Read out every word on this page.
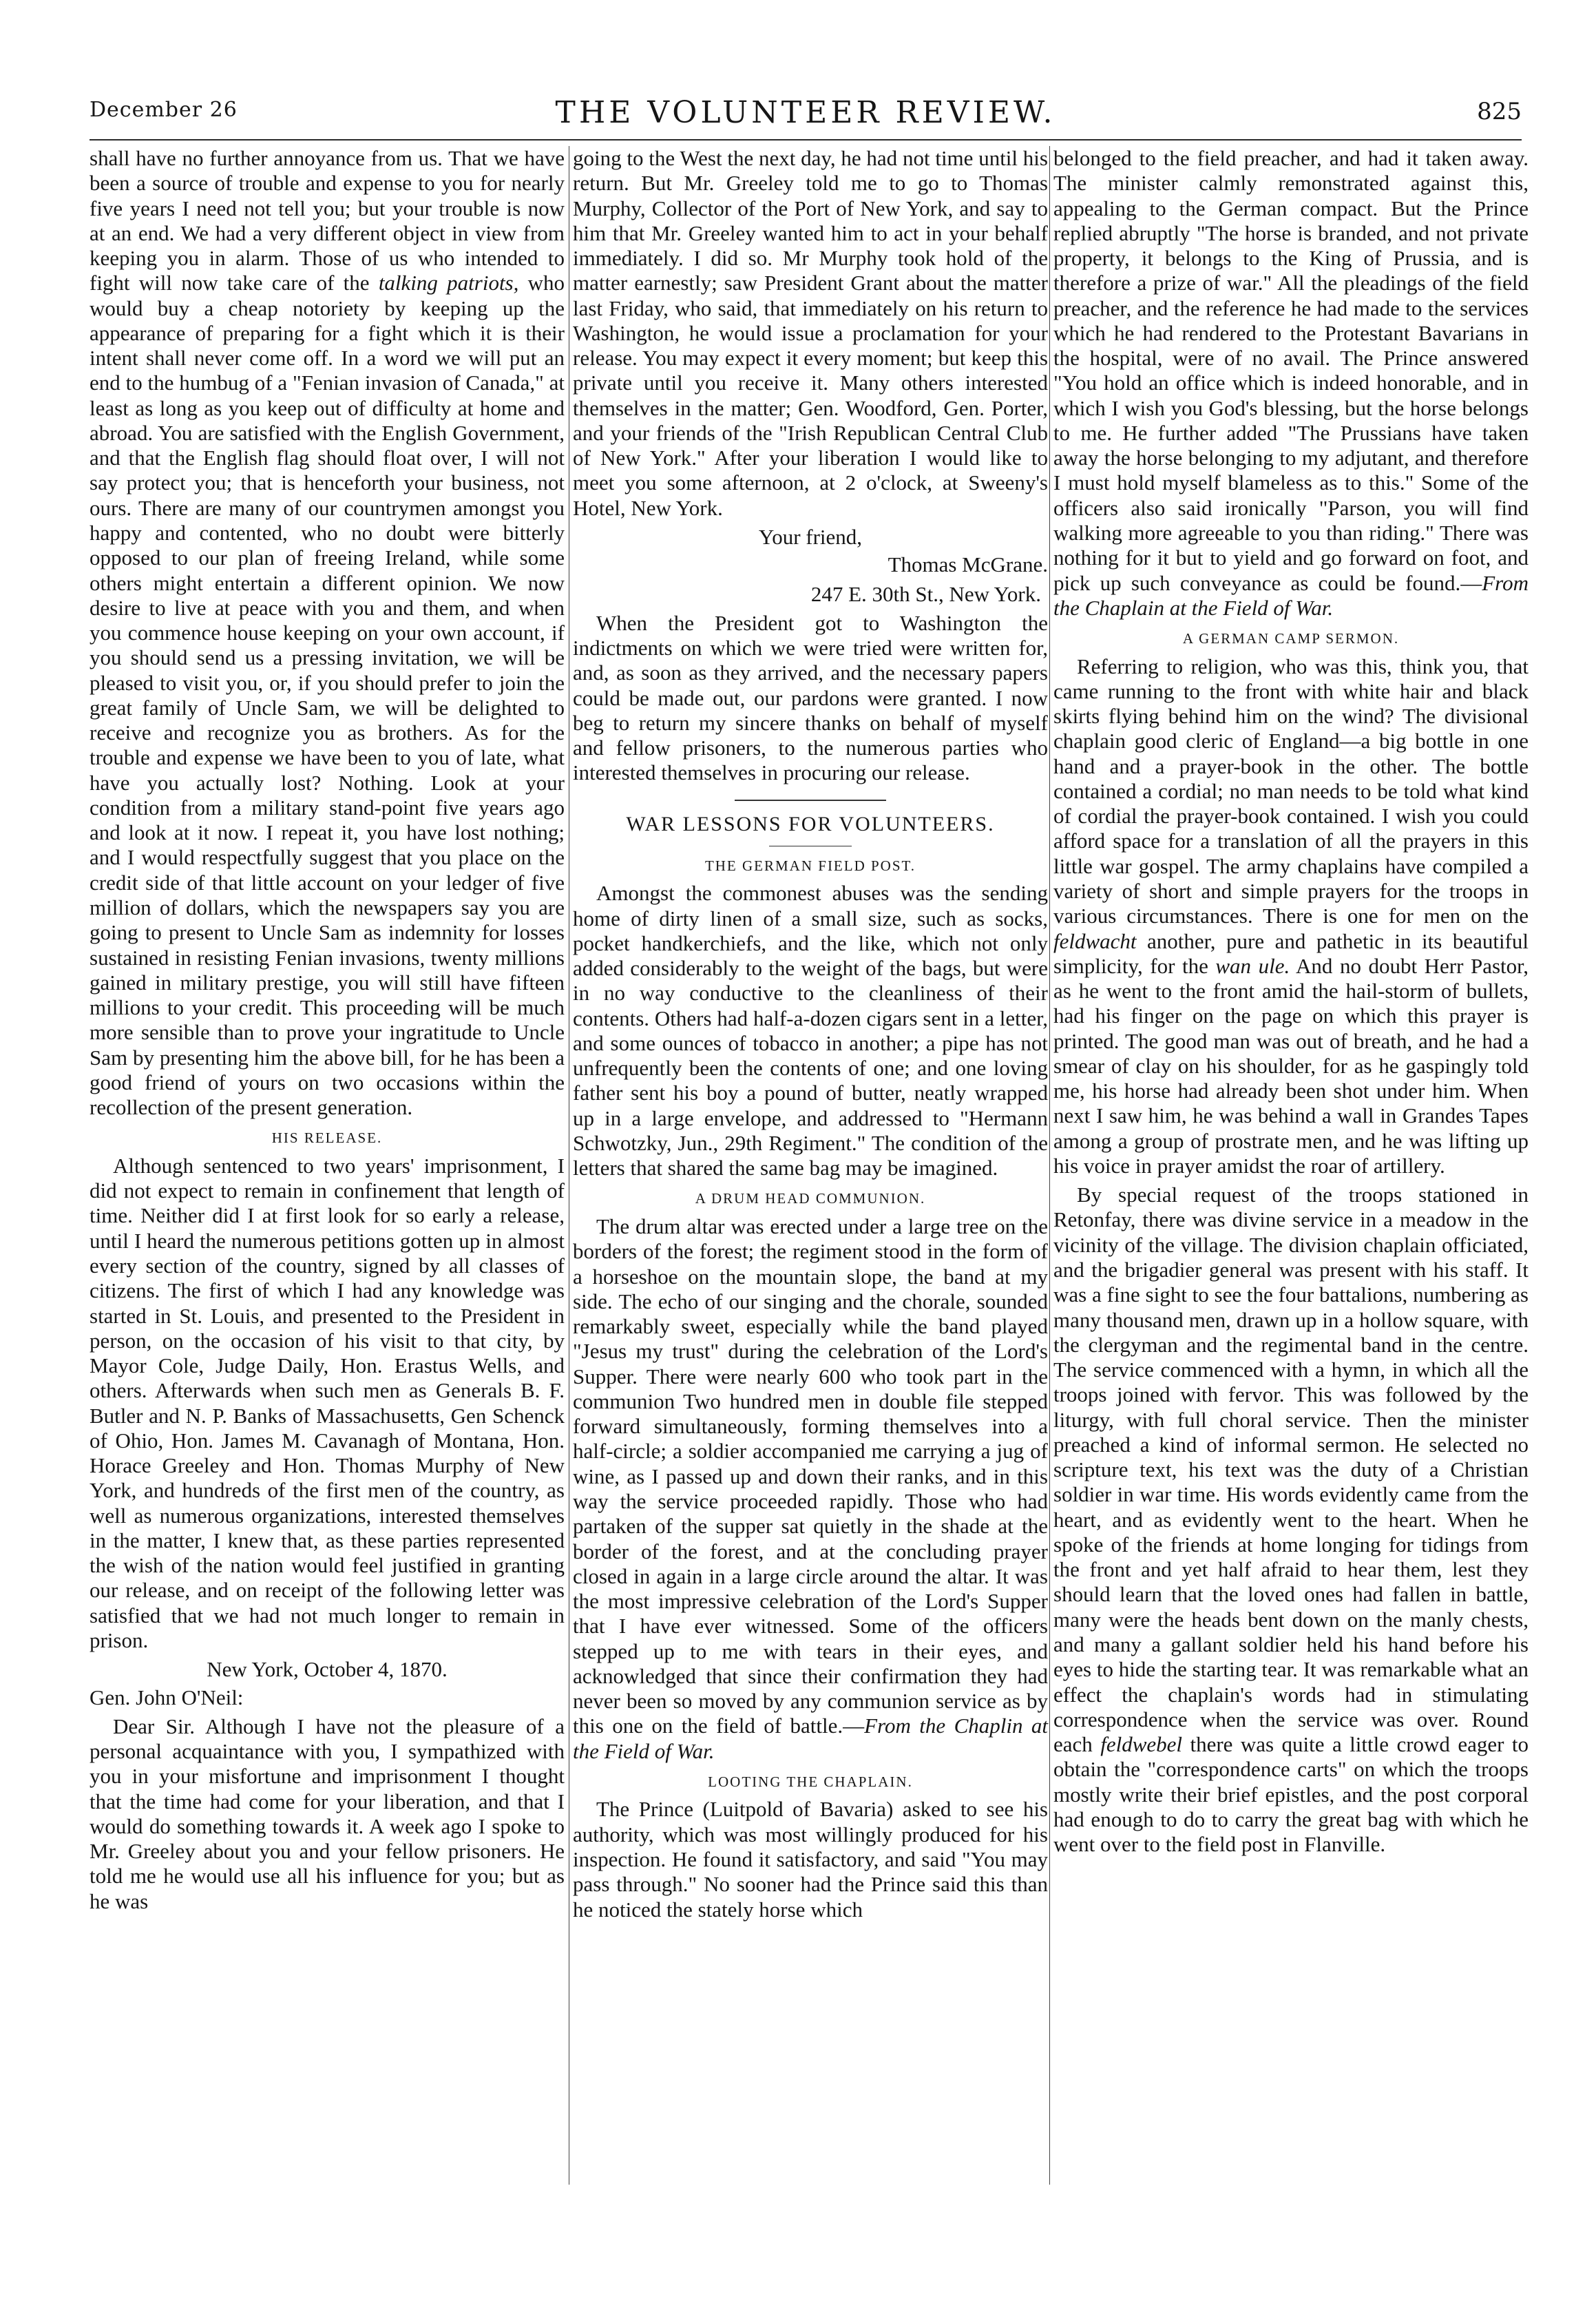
December 26	THE VOLUNTEER REVIEW.	825

shall have no further annoyance from us. That we have been a source of trouble and expense to you for nearly five years I need not tell you; but your trouble is now at an end. We had a very different object in view from keeping you in alarm. Those of us who intended to fight will now take care of the talking patriots, who would buy a cheap notoriety by keeping up the appearance of preparing for a fight which it is their intent shall never come off. In a word we will put an end to the humbug of a "Fenian invasion of Canada," at least as long as you keep out of difficulty at home and abroad. You are satisfied with the English Government, and that the English flag should float over, I will not say protect you; that is henceforth your business, not ours. There are many of our countrymen amongst you happy and contented, who no doubt were bitterly opposed to our plan of freeing Ireland, while some others might entertain a different opinion. We now desire to live at peace with you and them, and when you commence house keeping on your own account, if you should send us a pressing invitation, we will be pleased to visit you, or, if you should prefer to join the great family of Uncle Sam, we will be delighted to receive and recognize you as brothers. As for the trouble and expense we have been to you of late, what have you actually lost? Nothing. Look at your condition from a military stand-point five years ago and look at it now. I repeat it, you have lost nothing; and I would respectfully suggest that you place on the credit side of that little account on your ledger of five million of dollars, which the newspapers say you are going to present to Uncle Sam as indemnity for losses sustained in resisting Fenian invasions, twenty millions gained in military prestige, you will still have fifteen millions to your credit. This proceeding will be much more sensible than to prove your ingratitude to Uncle Sam by presenting him the above bill, for he has been a good friend of yours on two occasions within the recollection of the present generation.

HIS RELEASE.

Although sentenced to two years' imprisonment, I did not expect to remain in confinement that length of time. Neither did I at first look for so early a release, until I heard the numerous petitions gotten up in almost every section of the country, signed by all classes of citizens. The first of which I had any knowledge was started in St. Louis, and presented to the President in person, on the occasion of his visit to that city, by Mayor Cole, Judge Daily, Hon. Erastus Wells, and others. Afterwards when such men as Generals B. F. Butler and N. P. Banks of Massachusetts, Gen Schenck of Ohio, Hon. James M. Cavanagh of Montana, Hon. Horace Greeley and Hon. Thomas Murphy of New York, and hundreds of the first men of the country, as well as numerous organizations, interested themselves in the matter, I knew that, as these parties represented the wish of the nation would feel justified in granting our release, and on receipt of the following letter was satisfied that we had not much longer to remain in prison.

New York, October 4, 1870.

Gen. John O'Neil:

Dear Sir. Although I have not the pleasure of a personal acquaintance with you, I sympathized with you in your misfortune and imprisonment I thought that the time had come for your liberation, and that I would do something towards it. A week ago I spoke to Mr. Greeley about you and your fellow prisoners. He told me he would use all his influence for you; but as he was

going to the West the next day, he had not time until his return. But Mr. Greeley told me to go to Thomas Murphy, Collector of the Port of New York, and say to him that Mr. Greeley wanted him to act in your behalf immediately. I did so. Mr Murphy took hold of the matter earnestly; saw President Grant about the matter last Friday, who said, that immediately on his return to Washington, he would issue a proclamation for your release. You may expect it every moment; but keep this private until you receive it. Many others interested themselves in the matter; Gen. Woodford, Gen. Porter, and your friends of the "Irish Republican Central Club of New York." After your liberation I would like to meet you some afternoon, at 2 o'clock, at Sweeny's Hotel, New York.

Your friend,

Thomas McGrane.

247 E. 30th St., New York.

When the President got to Washington the indictments on which we were tried were written for, and, as soon as they arrived, and the necessary papers could be made out, our pardons were granted. I now beg to return my sincere thanks on behalf of myself and fellow prisoners, to the numerous parties who interested themselves in procuring our release.

WAR LESSONS FOR VOLUNTEERS.
THE GERMAN FIELD POST.

Amongst the commonest abuses was the sending home of dirty linen of a small size, such as socks, pocket handkerchiefs, and the like, which not only added considerably to the weight of the bags, but were in no way conductive to the cleanliness of their contents. Others had half-a-dozen cigars sent in a letter, and some ounces of tobacco in another; a pipe has not unfrequently been the contents of one; and one loving father sent his boy a pound of butter, neatly wrapped up in a large envelope, and addressed to "Hermann Schwotzky, Jun., 29th Regiment." The condition of the letters that shared the same bag may be imagined.

A DRUM HEAD COMMUNION.

The drum altar was erected under a large tree on the borders of the forest; the regiment stood in the form of a horseshoe on the mountain slope, the band at my side. The echo of our singing and the chorale, sounded remarkably sweet, especially while the band played "Jesus my trust" during the celebration of the Lord's Supper. There were nearly 600 who took part in the communion Two hundred men in double file stepped forward simultaneously, forming themselves into a half-circle; a soldier accompanied me carrying a jug of wine, as I passed up and down their ranks, and in this way the service proceeded rapidly. Those who had partaken of the supper sat quietly in the shade at the border of the forest, and at the concluding prayer closed in again in a large circle around the altar. It was the most impressive celebration of the Lord's Supper that I have ever witnessed. Some of the officers stepped up to me with tears in their eyes, and acknowledged that since their confirmation they had never been so moved by any communion service as by this one on the field of battle.—From the Chaplin at the Field of War.

LOOTING THE CHAPLAIN.

The Prince (Luitpold of Bavaria) asked to see his authority, which was most willingly produced for his inspection. He found it satisfactory, and said "You may pass through." No sooner had the Prince said this than he noticed the stately horse which

belonged to the field preacher, and had it taken away. The minister calmly remonstrated against this, appealing to the German compact. But the Prince replied abruptly "The horse is branded, and not private property, it belongs to the King of Prussia, and is therefore a prize of war." All the pleadings of the field preacher, and the reference he had made to the services which he had rendered to the Protestant Bavarians in the hospital, were of no avail. The Prince answered "You hold an office which is indeed honorable, and in which I wish you God's blessing, but the horse belongs to me. He further added "The Prussians have taken away the horse belonging to my adjutant, and therefore I must hold myself blameless as to this." Some of the officers also said ironically "Parson, you will find walking more agreeable to you than riding." There was nothing for it but to yield and go forward on foot, and pick up such conveyance as could be found.—From the Chaplain at the Field of War.

A GERMAN CAMP SERMON.

Referring to religion, who was this, think you, that came running to the front with white hair and black skirts flying behind him on the wind? The divisional chaplain good cleric of England—a big bottle in one hand and a prayer-book in the other. The bottle contained a cordial; no man needs to be told what kind of cordial the prayer-book contained. I wish you could afford space for a translation of all the prayers in this little war gospel. The army chaplains have compiled a variety of short and simple prayers for the troops in various circumstances. There is one for men on the feldwacht another, pure and pathetic in its beautiful simplicity, for the wan ule. And no doubt Herr Pastor, as he went to the front amid the hail-storm of bullets, had his finger on the page on which this prayer is printed. The good man was out of breath, and he had a smear of clay on his shoulder, for as he gaspingly told me, his horse had already been shot under him. When next I saw him, he was behind a wall in Grandes Tapes among a group of prostrate men, and he was lifting up his voice in prayer amidst the roar of artillery.

By special request of the troops stationed in Retonfay, there was divine service in a meadow in the vicinity of the village. The division chaplain officiated, and the brigadier general was present with his staff. It was a fine sight to see the four battalions, numbering as many thousand men, drawn up in a hollow square, with the clergyman and the regimental band in the centre. The service commenced with a hymn, in which all the troops joined with fervor. This was followed by the liturgy, with full choral service. Then the minister preached a kind of informal sermon. He selected no scripture text, his text was the duty of a Christian soldier in war time. His words evidently came from the heart, and as evidently went to the heart. When he spoke of the friends at home longing for tidings from the front and yet half afraid to hear them, lest they should learn that the loved ones had fallen in battle, many were the heads bent down on the manly chests, and many a gallant soldier held his hand before his eyes to hide the starting tear. It was remarkable what an effect the chaplain's words had in stimulating correspondence when the service was over. Round each feldwebel there was quite a little crowd eager to obtain the "correspondence carts" on which the troops mostly write their brief epistles, and the post corporal had enough to do to carry the great bag with which he went over to the field post in Flanville.
